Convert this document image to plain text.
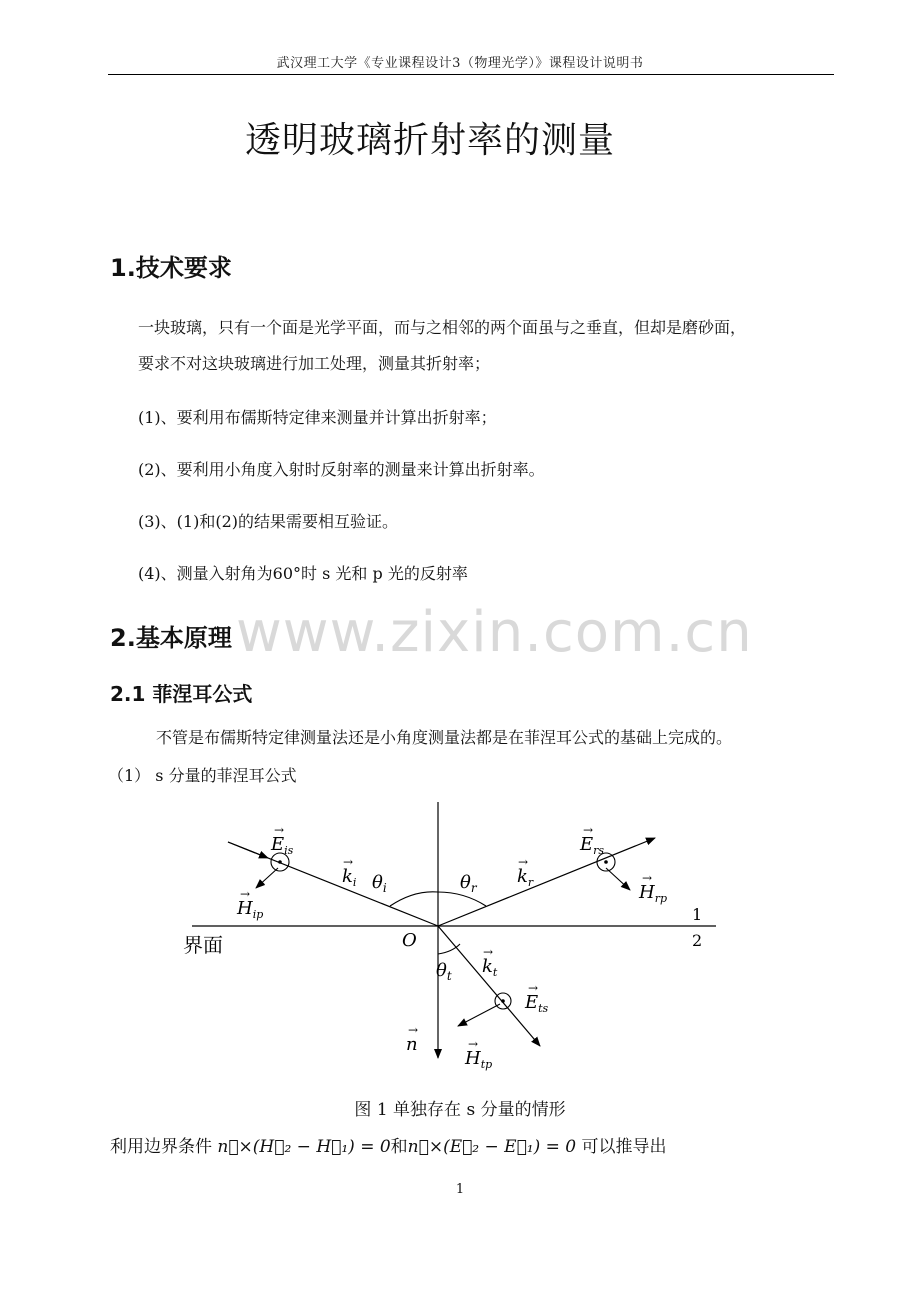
武汉理工大学《专业课程设计3（物理光学）》课程设计说明书
透明玻璃折射率的测量
1.技术要求
一块玻璃，只有一个面是光学平面，而与之相邻的两个面虽与之垂直，但却是磨砂面，
要求不对这块玻璃进行加工处理，测量其折射率；
(1)、要利用布儒斯特定律来测量并计算出折射率；
(2)、要利用小角度入射时反射率的测量来计算出折射率。
(3)、(1)和(2)的结果需要相互验证。
(4)、测量入射角为60°时 s 光和 p 光的反射率
www.zixin.com.cn
2.基本原理
2.1 菲涅耳公式
不管是布儒斯特定律测量法还是小角度测量法都是在菲涅耳公式的基础上完成的。
（1） s 分量的菲涅耳公式
界面	O
1
2
$\theta_i$	$\theta_r$
$\theta_t$
→
$k_i$
→
$k_r$
→
$k_t$
→
$E_{is}$
→
$E_{rs}$
→
$E_{ts}$
→
$H_{ip}$
→
$H_{rp}$
→
$H_{tp}$
→
n
图 1 单独存在 s 分量的情形
利用边界条件 n⃗×(H⃗₂ − H⃗₁) = 0和n⃗×(E⃗₂ − E⃗₁) = 0 可以推导出
1
